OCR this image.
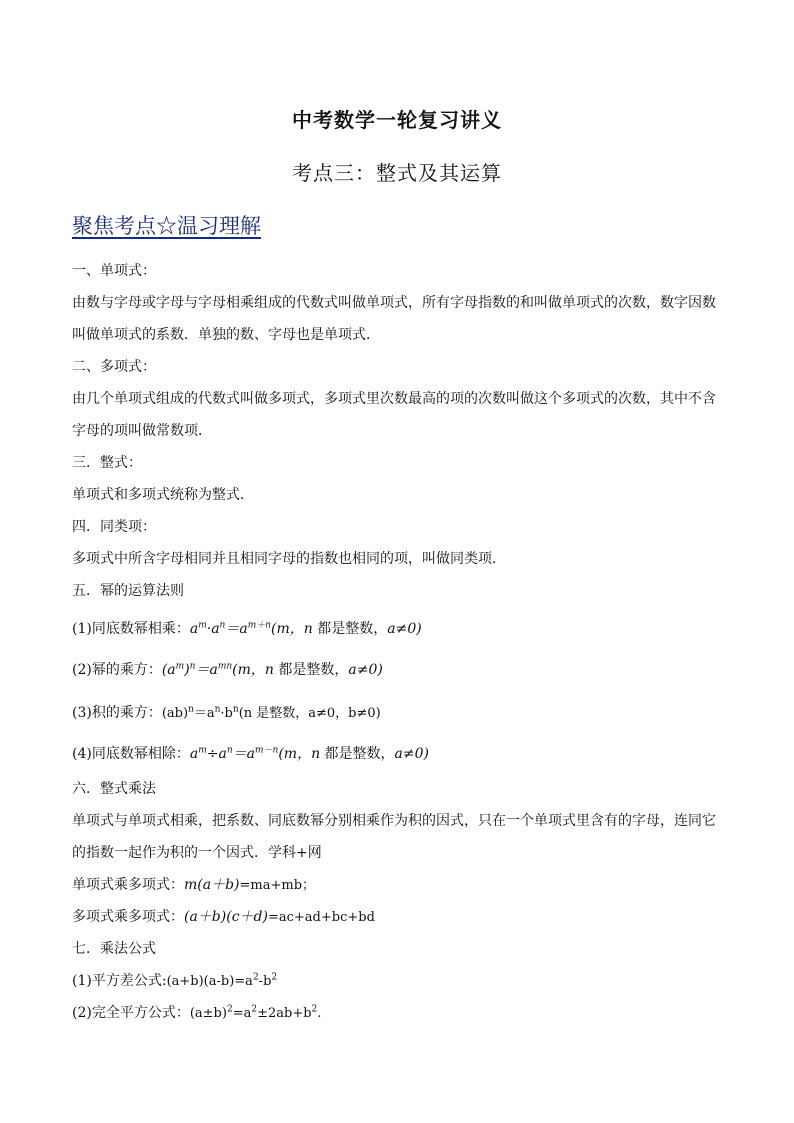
中考数学一轮复习讲义
考点三：整式及其运算
聚焦考点☆温习理解
一、单项式：
由数与字母或字母与字母相乘组成的代数式叫做单项式，所有字母指数的和叫做单项式的次数，数字因数
叫做单项式的系数．单独的数、字母也是单项式．
二、多项式：
由几个单项式组成的代数式叫做多项式，多项式里次数最高的项的次数叫做这个多项式的次数，其中不含
字母的项叫做常数项．
三．整式：
单项式和多项式统称为整式．
四．同类项：
多项式中所含字母相同并且相同字母的指数也相同的项，叫做同类项．
五．幂的运算法则
(1)同底数幂相乘：$a^m\cdot a^n=a^{m+n}(m$，n 都是整数，a≠0)
(2)幂的乘方：$(a^m)^n=a^{mn}(m$，n 都是整数，a≠0)
(3)积的乘方：$(ab)^n=a^n\cdot b^n(n$ 是整数，a≠0，b≠0)
(4)同底数幂相除：$a^m\div a^n=a^{m-n}(m$，n 都是整数，a≠0)
六．整式乘法
单项式与单项式相乘，把系数、同底数幂分别相乘作为积的因式，只在一个单项式里含有的字母，连同它
的指数一起作为积的一个因式．学科+网
单项式乘多项式：m(a＋b)=ma+mb；
多项式乘多项式：(a＋b)(c＋d)=ac+ad+bc+bd
七．乘法公式
(1)平方差公式$:(a+b)(a-b)=a^2-b^2$
(2)完全平方公式：$(a\pm b)^2=a^2\pm 2ab+b^2$.
